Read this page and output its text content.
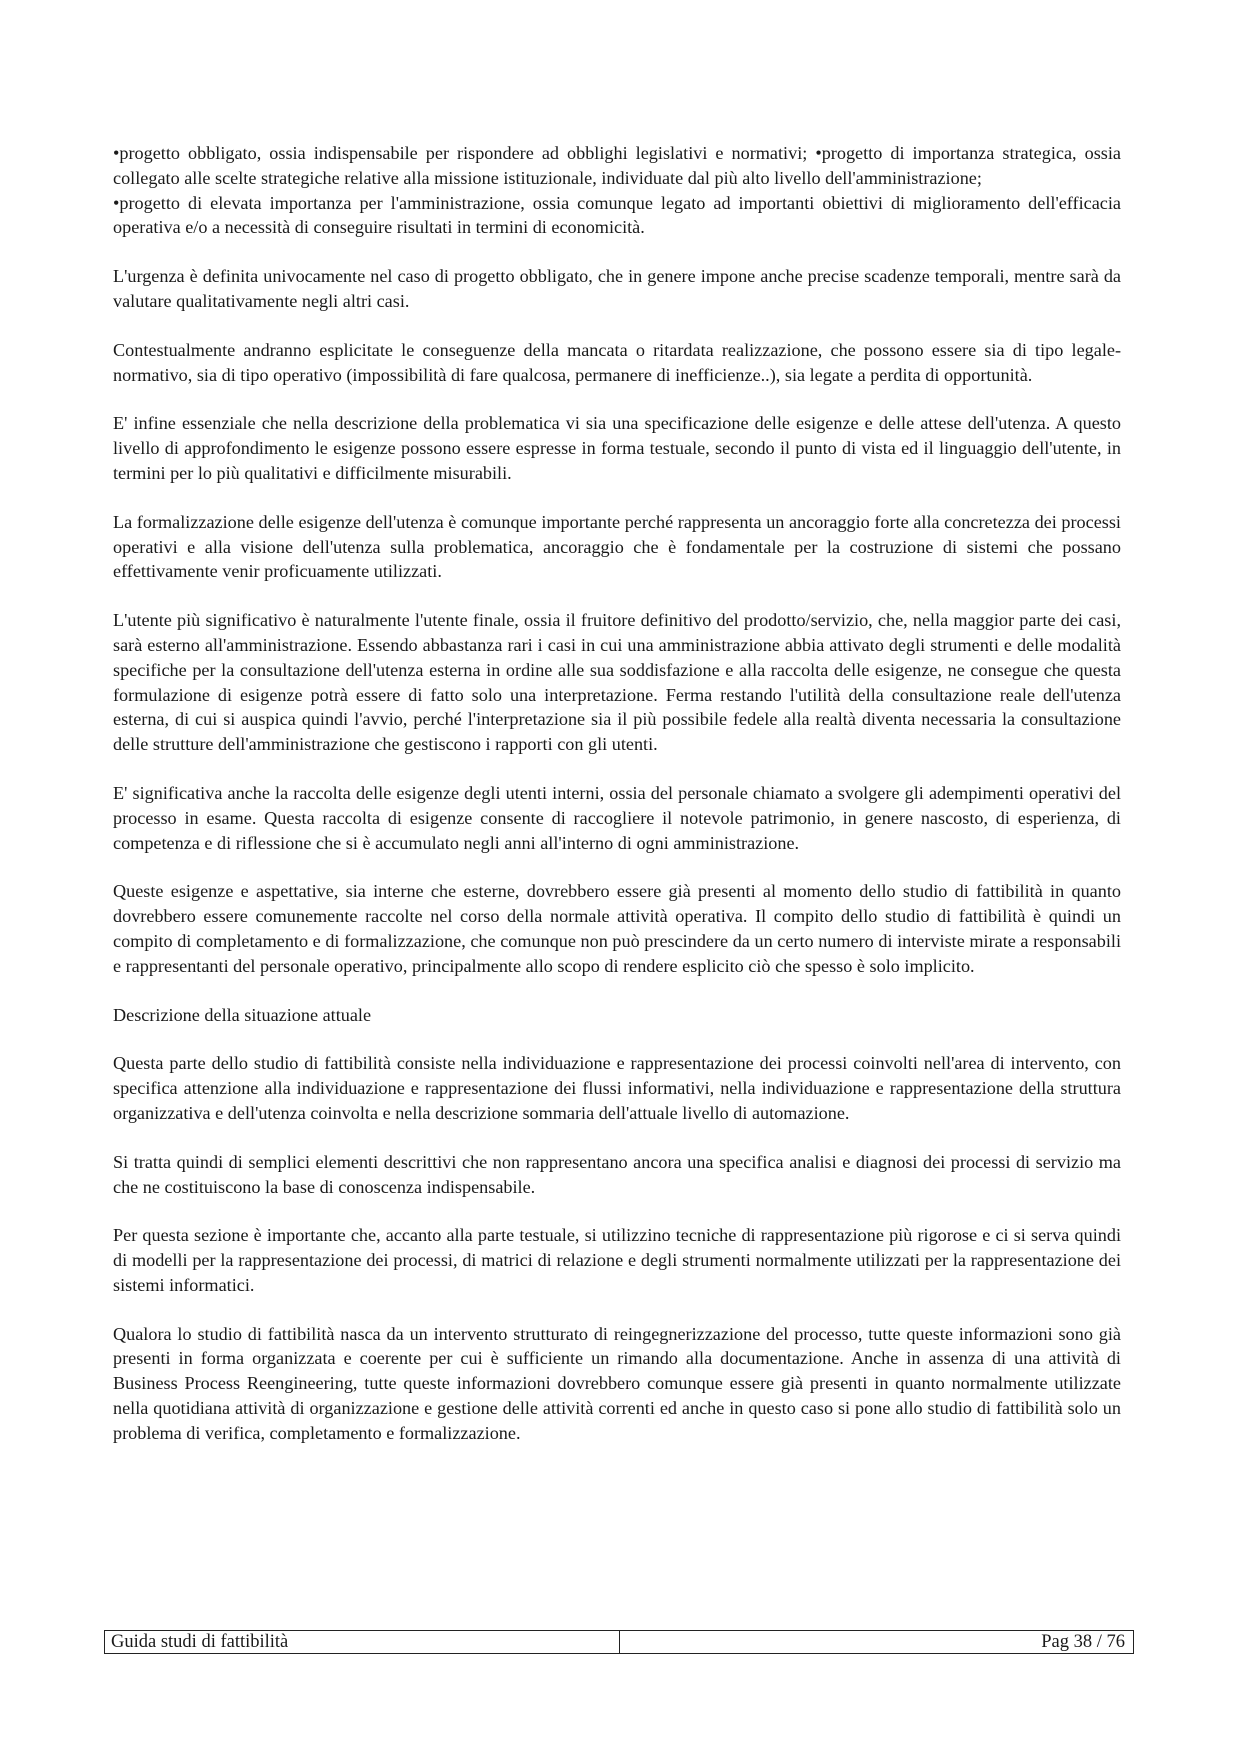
•progetto obbligato, ossia indispensabile per rispondere ad obblighi legislativi e normativi; •progetto di importanza strategica, ossia collegato alle scelte strategiche relative alla missione istituzionale, individuate dal più alto livello dell'amministrazione;

•progetto di elevata importanza per l'amministrazione, ossia comunque legato ad importanti obiettivi di miglioramento dell'efficacia operativa e/o a necessità di conseguire risultati in termini di economicità.

L'urgenza è definita univocamente nel caso di progetto obbligato, che in genere impone anche precise scadenze temporali, mentre sarà da valutare qualitativamente negli altri casi.

Contestualmente andranno esplicitate le conseguenze della mancata o ritardata realizzazione, che possono essere sia di tipo legale-normativo, sia di tipo operativo (impossibilità di fare qualcosa, permanere di inefficienze..), sia legate a perdita di opportunità.

E' infine essenziale che nella descrizione della problematica vi sia una specificazione delle esigenze e delle attese dell'utenza. A questo livello di approfondimento le esigenze possono essere espresse in forma testuale, secondo il punto di vista ed il linguaggio dell'utente, in termini per lo più qualitativi e difficilmente misurabili.

La formalizzazione delle esigenze dell'utenza è comunque importante perché rappresenta un ancoraggio forte alla concretezza dei processi operativi e alla visione dell'utenza sulla problematica, ancoraggio che è fondamentale per la costruzione di sistemi che possano effettivamente venir proficuamente utilizzati.

L'utente più significativo è naturalmente l'utente finale, ossia il fruitore definitivo del prodotto/servizio, che, nella maggior parte dei casi, sarà esterno all'amministrazione. Essendo abbastanza rari i casi in cui una amministrazione abbia attivato degli strumenti e delle modalità specifiche per la consultazione dell'utenza esterna in ordine alle sua soddisfazione e alla raccolta delle esigenze, ne consegue che questa formulazione di esigenze potrà essere di fatto solo una interpretazione. Ferma restando l'utilità della consultazione reale dell'utenza esterna, di cui si auspica quindi l'avvio, perché l'interpretazione sia il più possibile fedele alla realtà diventa necessaria la consultazione delle strutture dell'amministrazione che gestiscono i rapporti con gli utenti.

E' significativa anche la raccolta delle esigenze degli utenti interni, ossia del personale chiamato a svolgere gli adempimenti operativi del processo in esame. Questa raccolta di esigenze consente di raccogliere il notevole patrimonio, in genere nascosto, di esperienza, di competenza e di riflessione che si è accumulato negli anni all'interno di ogni amministrazione.

Queste esigenze e aspettative, sia interne che esterne, dovrebbero essere già presenti al momento dello studio di fattibilità in quanto dovrebbero essere comunemente raccolte nel corso della normale attività operativa. Il compito dello studio di fattibilità è quindi un compito di completamento e di formalizzazione, che comunque non può prescindere da un certo numero di interviste mirate a responsabili e rappresentanti del personale operativo, principalmente allo scopo di rendere esplicito ciò che spesso è solo implicito.

Descrizione della situazione attuale

Questa parte dello studio di fattibilità consiste nella individuazione e rappresentazione dei processi coinvolti nell'area di intervento, con specifica attenzione alla individuazione e rappresentazione dei flussi informativi, nella individuazione e rappresentazione della struttura organizzativa e dell'utenza coinvolta e nella descrizione sommaria dell'attuale livello di automazione.

Si tratta quindi di semplici elementi descrittivi che non rappresentano ancora una specifica analisi e diagnosi dei processi di servizio ma che ne costituiscono la base di conoscenza indispensabile.

Per questa sezione è importante che, accanto alla parte testuale, si utilizzino tecniche di rappresentazione più rigorose e ci si serva quindi di modelli per la rappresentazione dei processi, di matrici di relazione e degli strumenti normalmente utilizzati per la rappresentazione dei sistemi informatici.

Qualora lo studio di fattibilità nasca da un intervento strutturato di reingegnerizzazione del processo, tutte queste informazioni sono già presenti in forma organizzata e coerente per cui è sufficiente un rimando alla documentazione. Anche in assenza di una attività di Business Process Reengineering, tutte queste informazioni dovrebbero comunque essere già presenti in quanto normalmente utilizzate nella quotidiana attività di organizzazione e gestione delle attività correnti ed anche in questo caso si pone allo studio di fattibilità solo un problema di verifica, completamento e formalizzazione.

Guida studi di fattibilità	Pag 38 / 76
